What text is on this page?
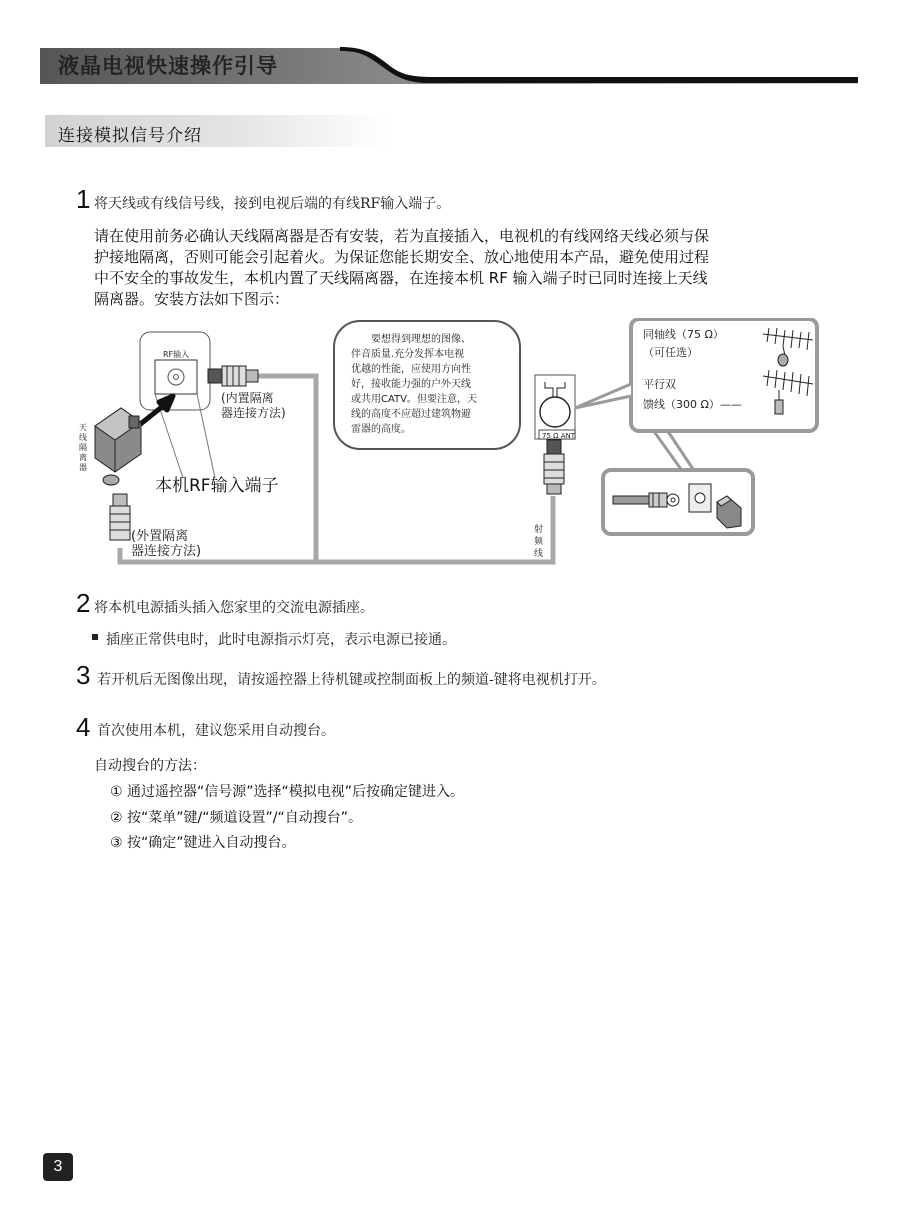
液晶电视快速操作引导
连接模拟信号介绍
1 将天线或有线信号线，接到电视后端的有线RF输入端子。
请在使用前务必确认天线隔离器是否有安装，若为直接插入，电视机的有线网络天线必须与保
护接地隔离，否则可能会引起着火。为保证您能长期安全、放心地使用本产品，避免使用过程
中不安全的事故发生，本机内置了天线隔离器，在连接本机 RF 输入端子时已同时连接上天线
隔离器。安装方法如下图示：
RF输入
(内置隔离
器连接方法)
天
线
隔
离
器
本机RF输入端子
(外置隔离
器连接方法)
要想得到理想的图像、
伴音质量.充分发挥本电视
优越的性能，应使用方向性
好，接收能力强的户外天线
或共用CATV。但要注意，天
线的高度不应超过建筑物避
雷器的高度。
75 Ω ANT
射
频
线
同轴线（75 Ω）
（可任选）
平行双
馈线（300 Ω）——
2 将本机电源插头插入您家里的交流电源插座。
插座正常供电时，此时电源指示灯亮，表示电源已接通。
3 若开机后无图像出现，请按遥控器上待机键或控制面板上的频道-键将电视机打开。
4 首次使用本机，建议您采用自动搜台。
自动搜台的方法：
① 通过遥控器“信号源”选择“模拟电视”后按确定键进入。
② 按“菜单”键/“频道设置”/“自动搜台”。
③ 按“确定”键进入自动搜台。
3
